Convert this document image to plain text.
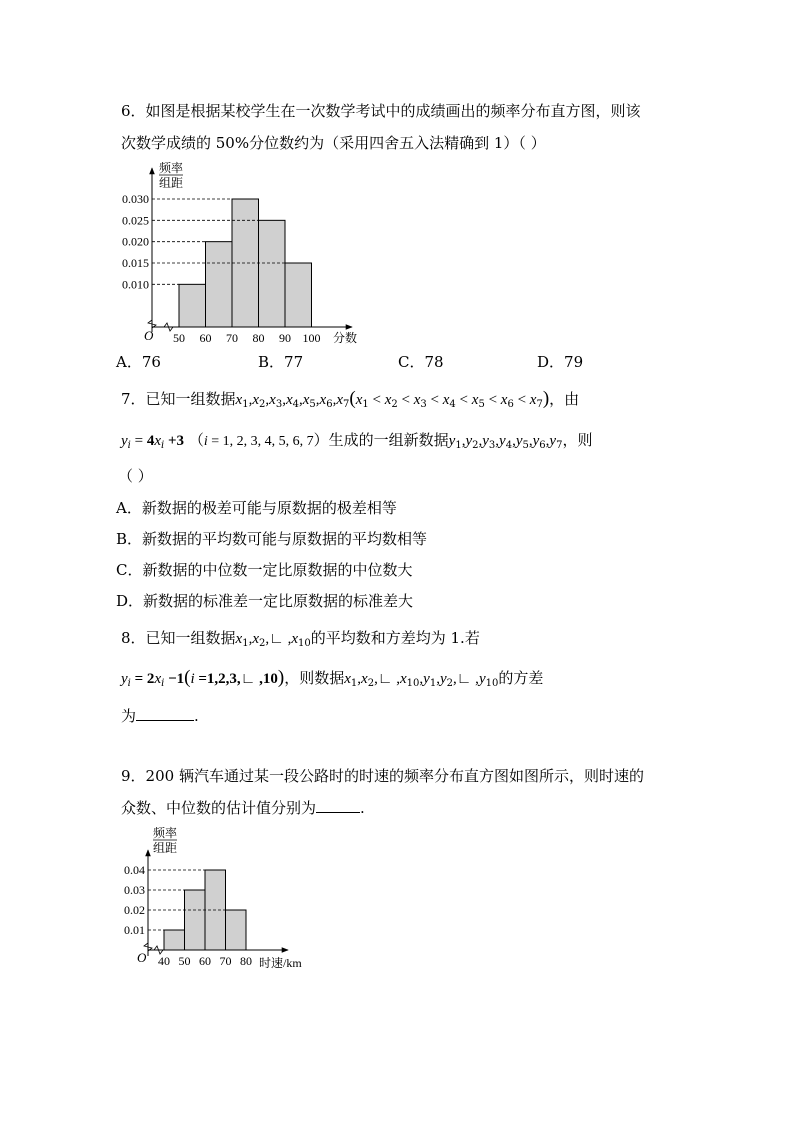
6．如图是根据某校学生在一次数学考试中的成绩画出的频率分布直方图，则该
次数学成绩的 50%分位数约为（采用四舍五入法精确到 1）（ ）
频率
组距
0.030
0.025
0.020
0.015
0.010
50 60 70 80 90 100
O	分数
A．76	B．77	C．78	D．79
7．已知一组数据$x_1,x_2,x_3,x_4,x_5,x_6,x_7(x_1 < x_2 < x_3 < x_4 < x_5 < x_6 < x_7)$，由
$y_i = 4x_i +3$ （i = 1, 2, 3, 4, 5, 6, 7）生成的一组新数据$y_1,y_2,y_3,y_4,y_5,y_6,y_7$，则
（ ）
A．新数据的极差可能与原数据的极差相等
B．新数据的平均数可能与原数据的平均数相等
C．新数据的中位数一定比原数据的中位数大
D．新数据的标准差一定比原数据的标准差大
8．已知一组数据$x_1,x_2,∟$ $,x_{10}$的平均数和方差均为 1.若
$y_i = 2x_i -1(i$ =1,2,3,∟ ,10)，则数据$x_1,x_2,∟$ $,x_{10},y_1,y_2,∟$ $,y_{10}$的方差
为	.
9．200 辆汽车通过某一段公路时的时速的频率分布直方图如图所示，则时速的
众数、中位数的估计值分别为	.
频率
组距
0.04
0.03
0.02
0.01
40 50 60 70 80
O	时速/km
